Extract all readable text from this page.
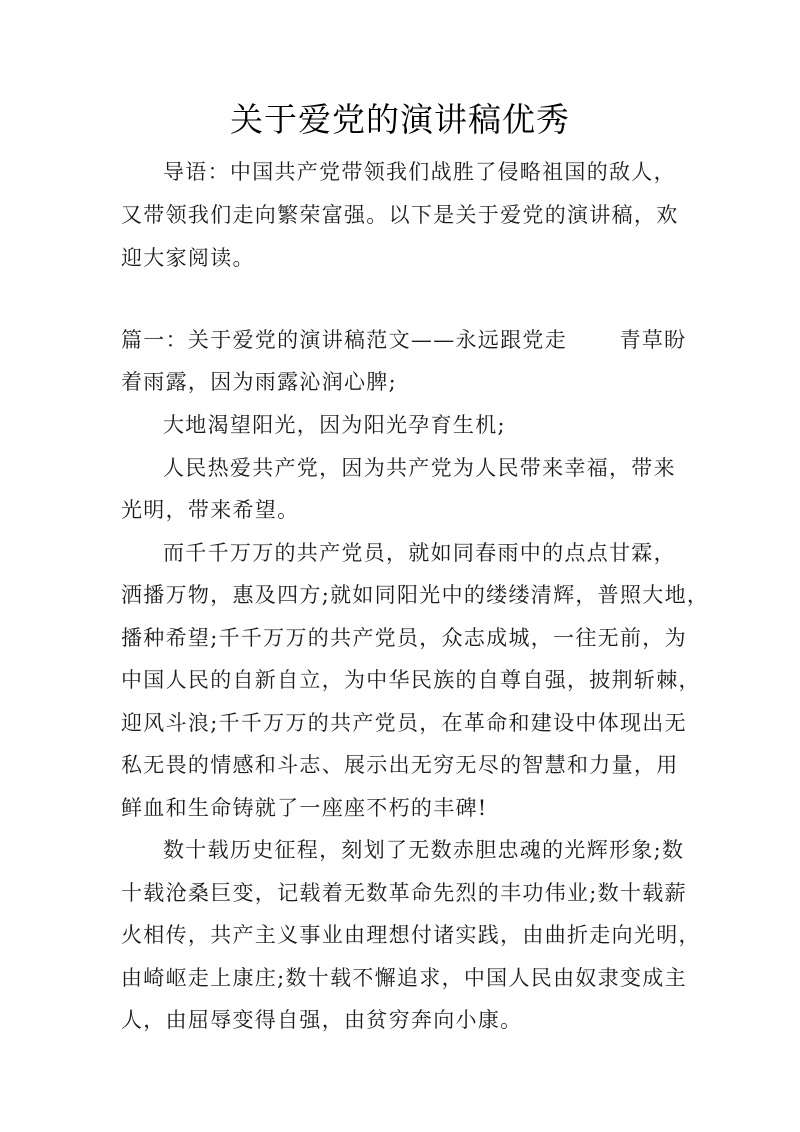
关于爱党的演讲稿优秀
导语：中国共产党带领我们战胜了侵略祖国的敌人，
又带领我们走向繁荣富强。以下是关于爱党的演讲稿，欢
迎大家阅读。
篇一：关于爱党的演讲稿范文——永远跟党走　　 青草盼
着雨露，因为雨露沁润心脾;
大地渴望阳光，因为阳光孕育生机;
人民热爱共产党，因为共产党为人民带来幸福，带来
光明，带来希望。
而千千万万的共产党员，就如同春雨中的点点甘霖，
洒播万物，惠及四方;就如同阳光中的缕缕清辉，普照大地，
播种希望;千千万万的共产党员，众志成城，一往无前，为
中国人民的自新自立，为中华民族的自尊自强，披荆斩棘，
迎风斗浪;千千万万的共产党员，在革命和建设中体现出无
私无畏的情感和斗志、展示出无穷无尽的智慧和力量，用
鲜血和生命铸就了一座座不朽的丰碑!
数十载历史征程，刻划了无数赤胆忠魂的光辉形象;数
十载沧桑巨变，记载着无数革命先烈的丰功伟业;数十载薪
火相传，共产主义事业由理想付诸实践，由曲折走向光明，
由崎岖走上康庄;数十载不懈追求，中国人民由奴隶变成主
人，由屈辱变得自强，由贫穷奔向小康。
